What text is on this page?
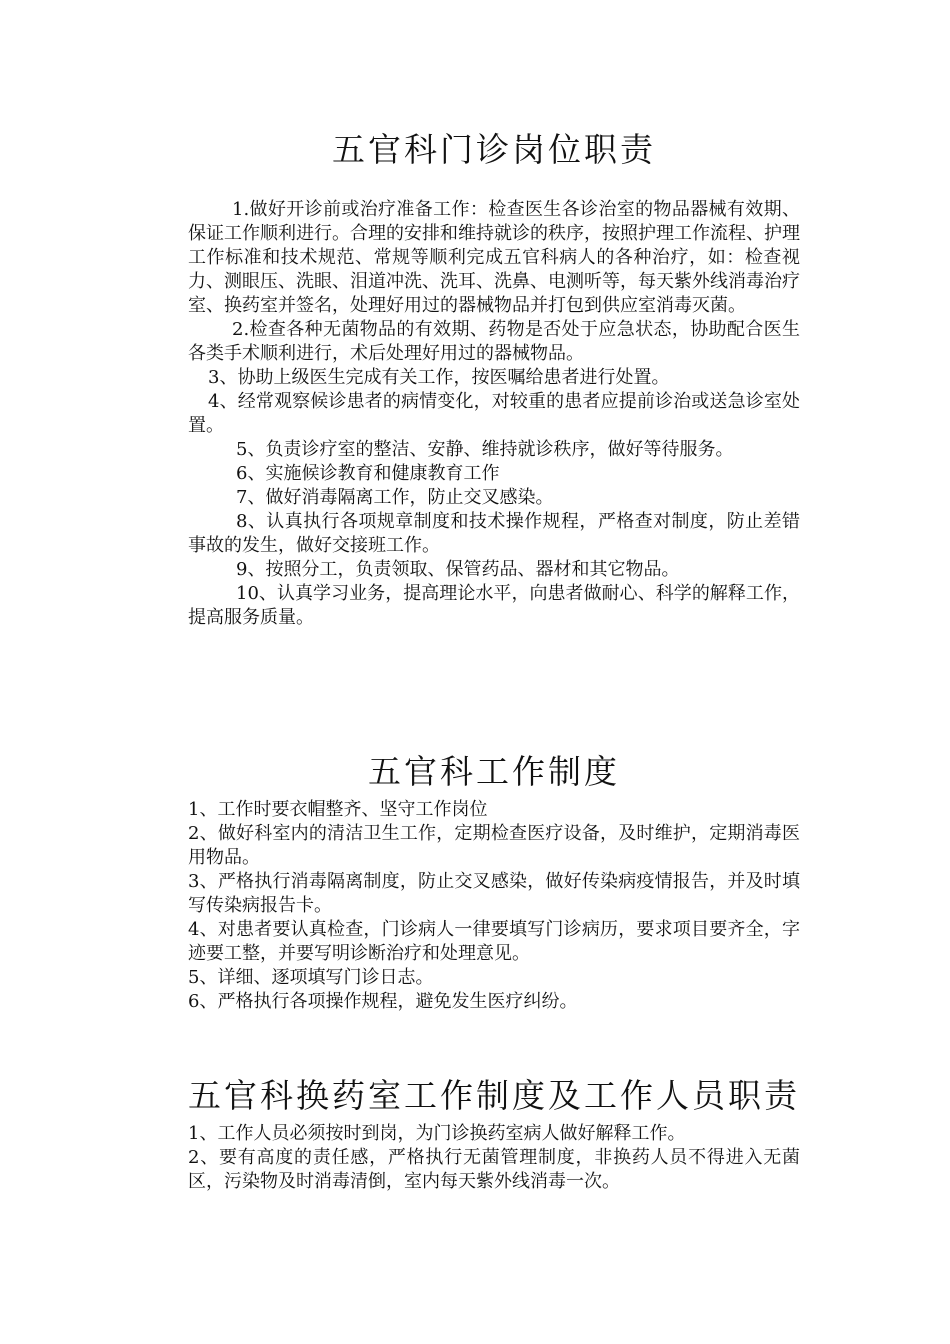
五官科门诊岗位职责

1.做好开诊前或治疗准备工作：检查医生各诊治室的物品器械有效期、保证工作顺利进行。合理的安排和维持就诊的秩序，按照护理工作流程、护理工作标准和技术规范、常规等顺利完成五官科病人的各种治疗，如：检查视力、测眼压、洗眼、泪道冲洗、洗耳、洗鼻、电测听等，每天紫外线消毒治疗室、换药室并签名，处理好用过的器械物品并打包到供应室消毒灭菌。

2.检查各种无菌物品的有效期、药物是否处于应急状态，协助配合医生各类手术顺利进行，术后处理好用过的器械物品。

3、协助上级医生完成有关工作，按医嘱给患者进行处置。

4、经常观察候诊患者的病情变化，对较重的患者应提前诊治或送急诊室处置。

5、负责诊疗室的整洁、安静、维持就诊秩序，做好等待服务。

6、实施候诊教育和健康教育工作

7、做好消毒隔离工作，防止交叉感染。

8、认真执行各项规章制度和技术操作规程，严格查对制度，防止差错事故的发生，做好交接班工作。

9、按照分工，负责领取、保管药品、器材和其它物品。

10、认真学习业务，提高理论水平，向患者做耐心、科学的解释工作，提高服务质量。

五官科工作制度

1、工作时要衣帽整齐、坚守工作岗位

2、做好科室内的清洁卫生工作，定期检查医疗设备，及时维护，定期消毒医用物品。

3、严格执行消毒隔离制度，防止交叉感染，做好传染病疫情报告，并及时填写传染病报告卡。

4、对患者要认真检查，门诊病人一律要填写门诊病历，要求项目要齐全，字迹要工整，并要写明诊断治疗和处理意见。

5、详细、逐项填写门诊日志。

6、严格执行各项操作规程，避免发生医疗纠纷。

五官科换药室工作制度及工作人员职责

1、工作人员必须按时到岗，为门诊换药室病人做好解释工作。

2、要有高度的责任感，严格执行无菌管理制度，非换药人员不得进入无菌区，污染物及时消毒清倒，室内每天紫外线消毒一次。
